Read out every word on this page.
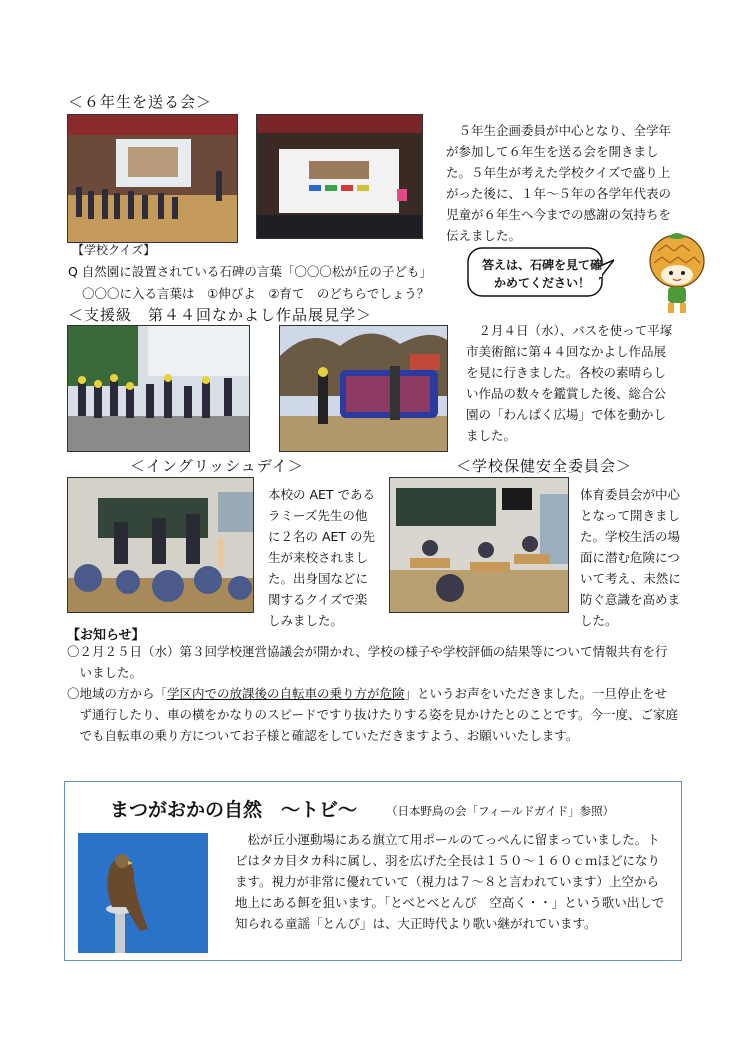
＜６年生を送る会＞
５年生企画委員が中心となり、全学年が参加して６年生を送る会を開きました。５年生が考えた学校クイズで盛り上がった後に、１年〜５年の各学年代表の児童が６年生へ今までの感謝の気持ちを伝えました。
【学校クイズ】
Q 自然園に設置されている石碑の言葉「〇〇〇松が丘の子ども」
〇〇〇に入る言葉は　①伸びよ　②育て　のどちらでしょう？
答えは、石碑を見て確かめてください！
＜支援級　第４４回なかよし作品展見学＞
２月４日（水）、バスを使って平塚市美術館に第４４回なかよし作品展を見に行きました。各校の素晴らしい作品の数々を鑑賞した後、総合公園の「わんぱく広場」で体を動かしました。
＜イングリッシュデイ＞	＜学校保健安全委員会＞
本校の AET であるラミーズ先生の他に２名の AET の先生が来校されました。出身国などに関するクイズで楽しみました。
体育委員会が中心となって開きました。学校生活の場面に潜む危険について考え、未然に防ぐ意識を高めました。
【お知らせ】

〇２月２５日（水）第３回学校運営協議会が開かれ、学校の様子や学校評価の結果等について情報共有を行いました。

〇地域の方から「学区内での放課後の自転車の乗り方が危険」というお声をいただきました。一旦停止をせず通行したり、車の横をかなりのスピードですり抜けたりする姿を見かけたとのことです。今一度、ご家庭でも自転車の乗り方についてお子様と確認をしていただきますよう、お願いいたします。

まつがおかの自然　〜トビ〜	（日本野鳥の会「フィールドガイド」参照）
松が丘小運動場にある旗立て用ポールのてっぺんに留まっていました。トビはタカ目タカ科に属し、羽を広げた全長は１５０〜１６０ｃｍほどになります。視力が非常に優れていて（視力は７〜８と言われています）上空から地上にある餌を狙います。「とべとべとんび　空高く・・」という歌い出しで知られる童謡「とんび」は、大正時代より歌い継がれています。
